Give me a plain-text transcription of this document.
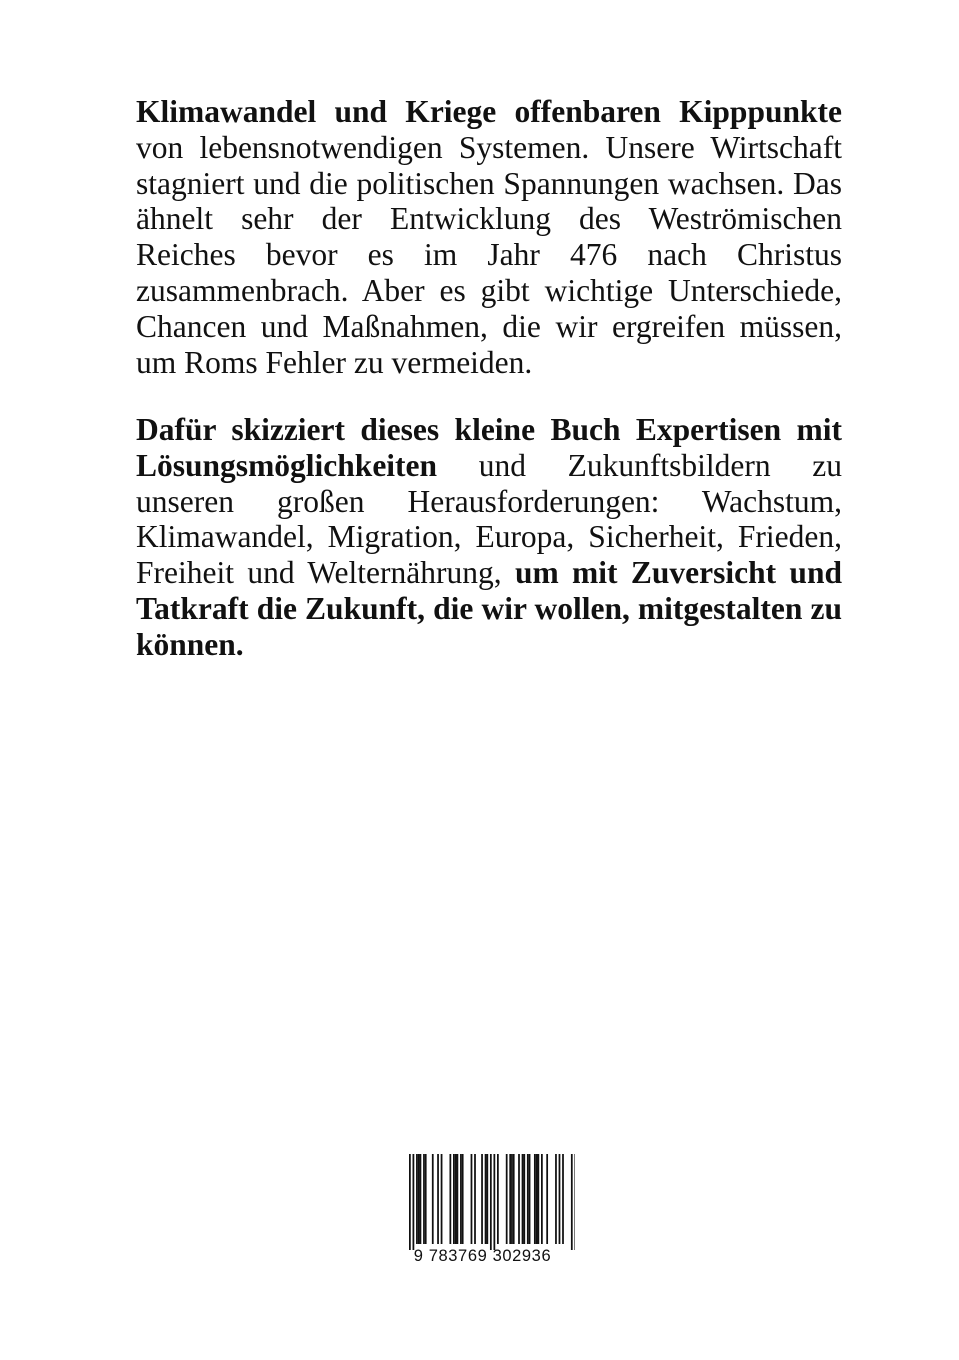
Klimawandel und Kriege offenbaren Kipppunkte von lebensnotwendigen Systemen. Unsere Wirtschaft stagniert und die politischen Spannungen wachsen. Das ähnelt sehr der Entwicklung des Weströmischen Reiches bevor es im Jahr 476 nach Christus zusammenbrach. Aber es gibt wichtige Unterschiede, Chancen und Maßnahmen, die wir ergreifen müssen, um Roms Fehler zu vermeiden.

Dafür skizziert dieses kleine Buch Expertisen mit Lösungsmöglichkeiten und Zukunftsbildern zu unseren großen Herausforderungen: Wachstum, Klimawandel, Migration, Europa, Sicherheit, Frieden, Freiheit und Welternährung, um mit Zuversicht und Tatkraft die Zukunft, die wir wollen, mitgestalten zu können.

9 783769 302936
